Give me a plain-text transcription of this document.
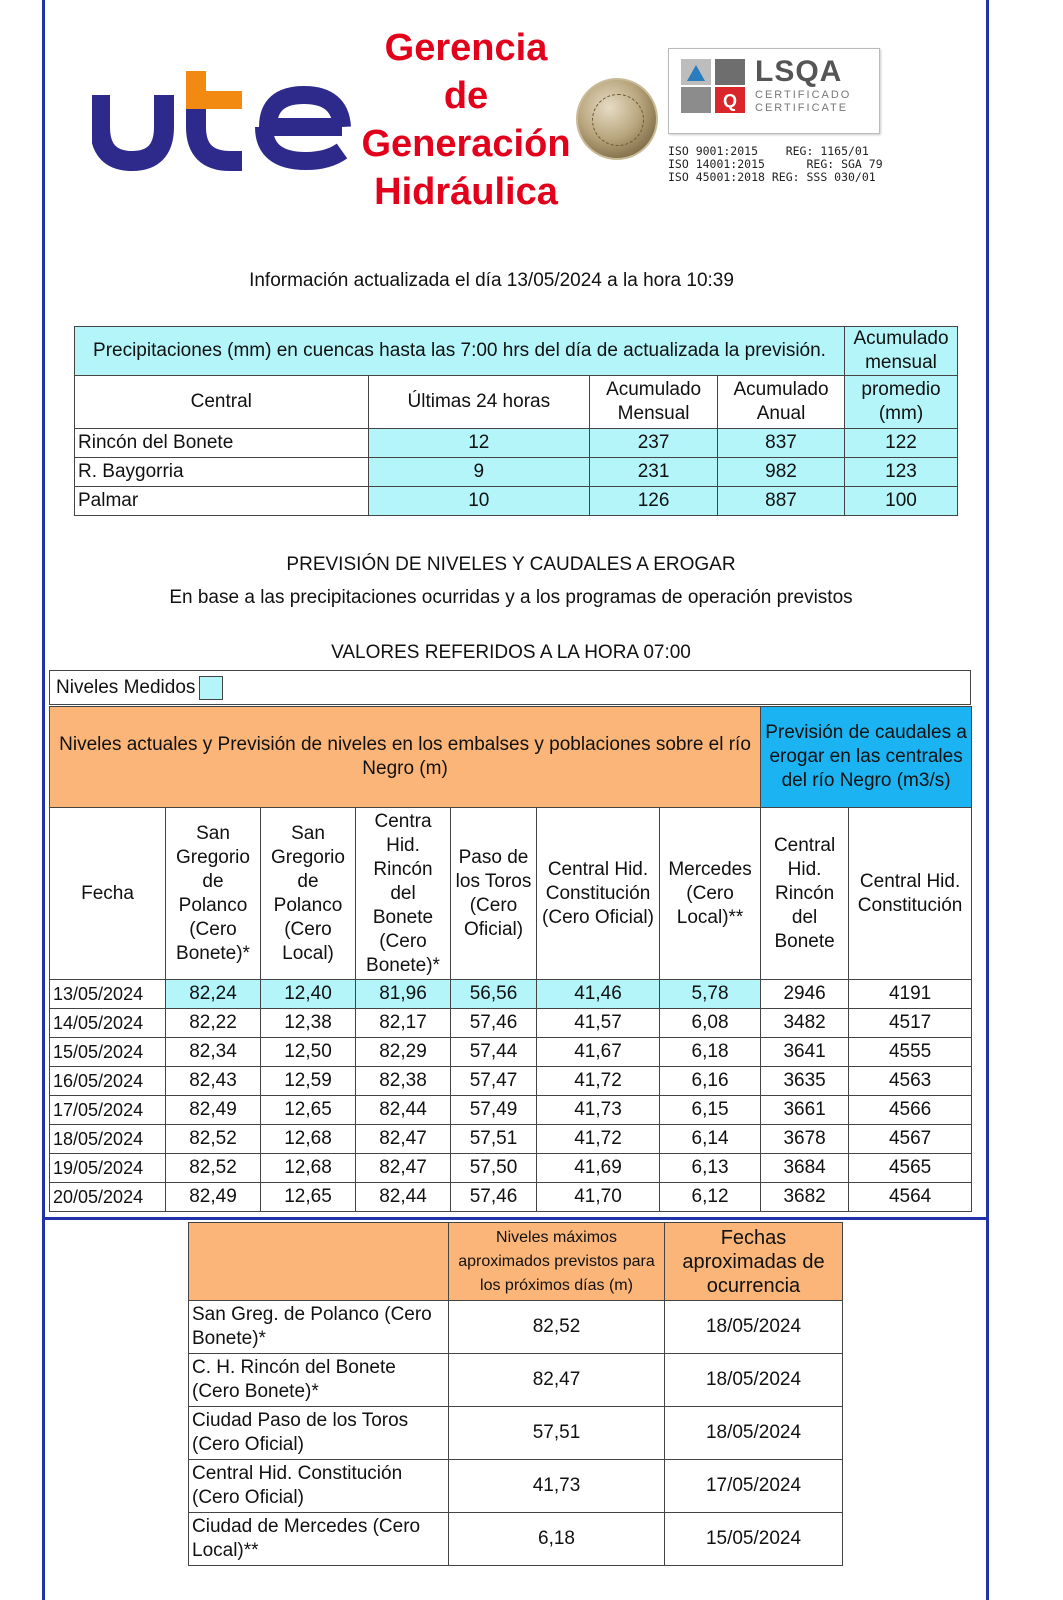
Gerencia
de
Generación
Hidráulica
Q
LSQA
CERTIFICADO
CERTIFICATE
ISO 9001:2015    REG: 1165/01
ISO 14001:2015      REG: SGA 79
ISO 45001:2018 REG: SSS 030/01
Información actualizada el día 13/05/2024 a la hora 10:39
Precipitaciones (mm) en cuencas hasta las 7:00 hrs del día de actualizada la previsión.				Acumulado mensual
Central	Últimas 24 horas	Acumulado Mensual	Acumulado Anual	promedio (mm)
Rincón del Bonete	12	237	837	122
R. Baygorria	9	231	982	123
Palmar	10	126	887	100
PREVISIÓN DE NIVELES Y CAUDALES A EROGAR
En base a las precipitaciones ocurridas y a los programas de operación previstos
VALORES REFERIDOS A LA HORA 07:00
Niveles Medidos
Niveles actuales y Previsión de niveles en los embalses y poblaciones sobre el río Negro (m)							Previsión de caudales a erogar en las centrales del río Negro (m3/s)	
Fecha	San Gregorio de Polanco (Cero Bonete)*	San Gregorio de Polanco (Cero Local)	Centra Hid. Rincón del Bonete (Cero Bonete)*	Paso de los Toros (Cero Oficial)	Central Hid. Constitución (Cero Oficial)	Mercedes (Cero Local)**	Central Hid. Rincón del Bonete	Central Hid. Constitución
13/05/2024	82,24	12,40	81,96	56,56	41,46	5,78	2946	4191
14/05/2024	82,22	12,38	82,17	57,46	41,57	6,08	3482	4517
15/05/2024	82,34	12,50	82,29	57,44	41,67	6,18	3641	4555
16/05/2024	82,43	12,59	82,38	57,47	41,72	6,16	3635	4563
17/05/2024	82,49	12,65	82,44	57,49	41,73	6,15	3661	4566
18/05/2024	82,52	12,68	82,47	57,51	41,72	6,14	3678	4567
19/05/2024	82,52	12,68	82,47	57,50	41,69	6,13	3684	4565
20/05/2024	82,49	12,65	82,44	57,46	41,70	6,12	3682	4564
	Niveles máximos aproximados previstos para los próximos días (m)	Fechas aproximadas de ocurrencia
San Greg. de Polanco (Cero Bonete)*	82,52	18/05/2024
C. H. Rincón del Bonete (Cero Bonete)*	82,47	18/05/2024
Ciudad Paso de los Toros (Cero Oficial)	57,51	18/05/2024
Central Hid. Constitución (Cero Oficial)	41,73	17/05/2024
Ciudad de Mercedes (Cero Local)**	6,18	15/05/2024
